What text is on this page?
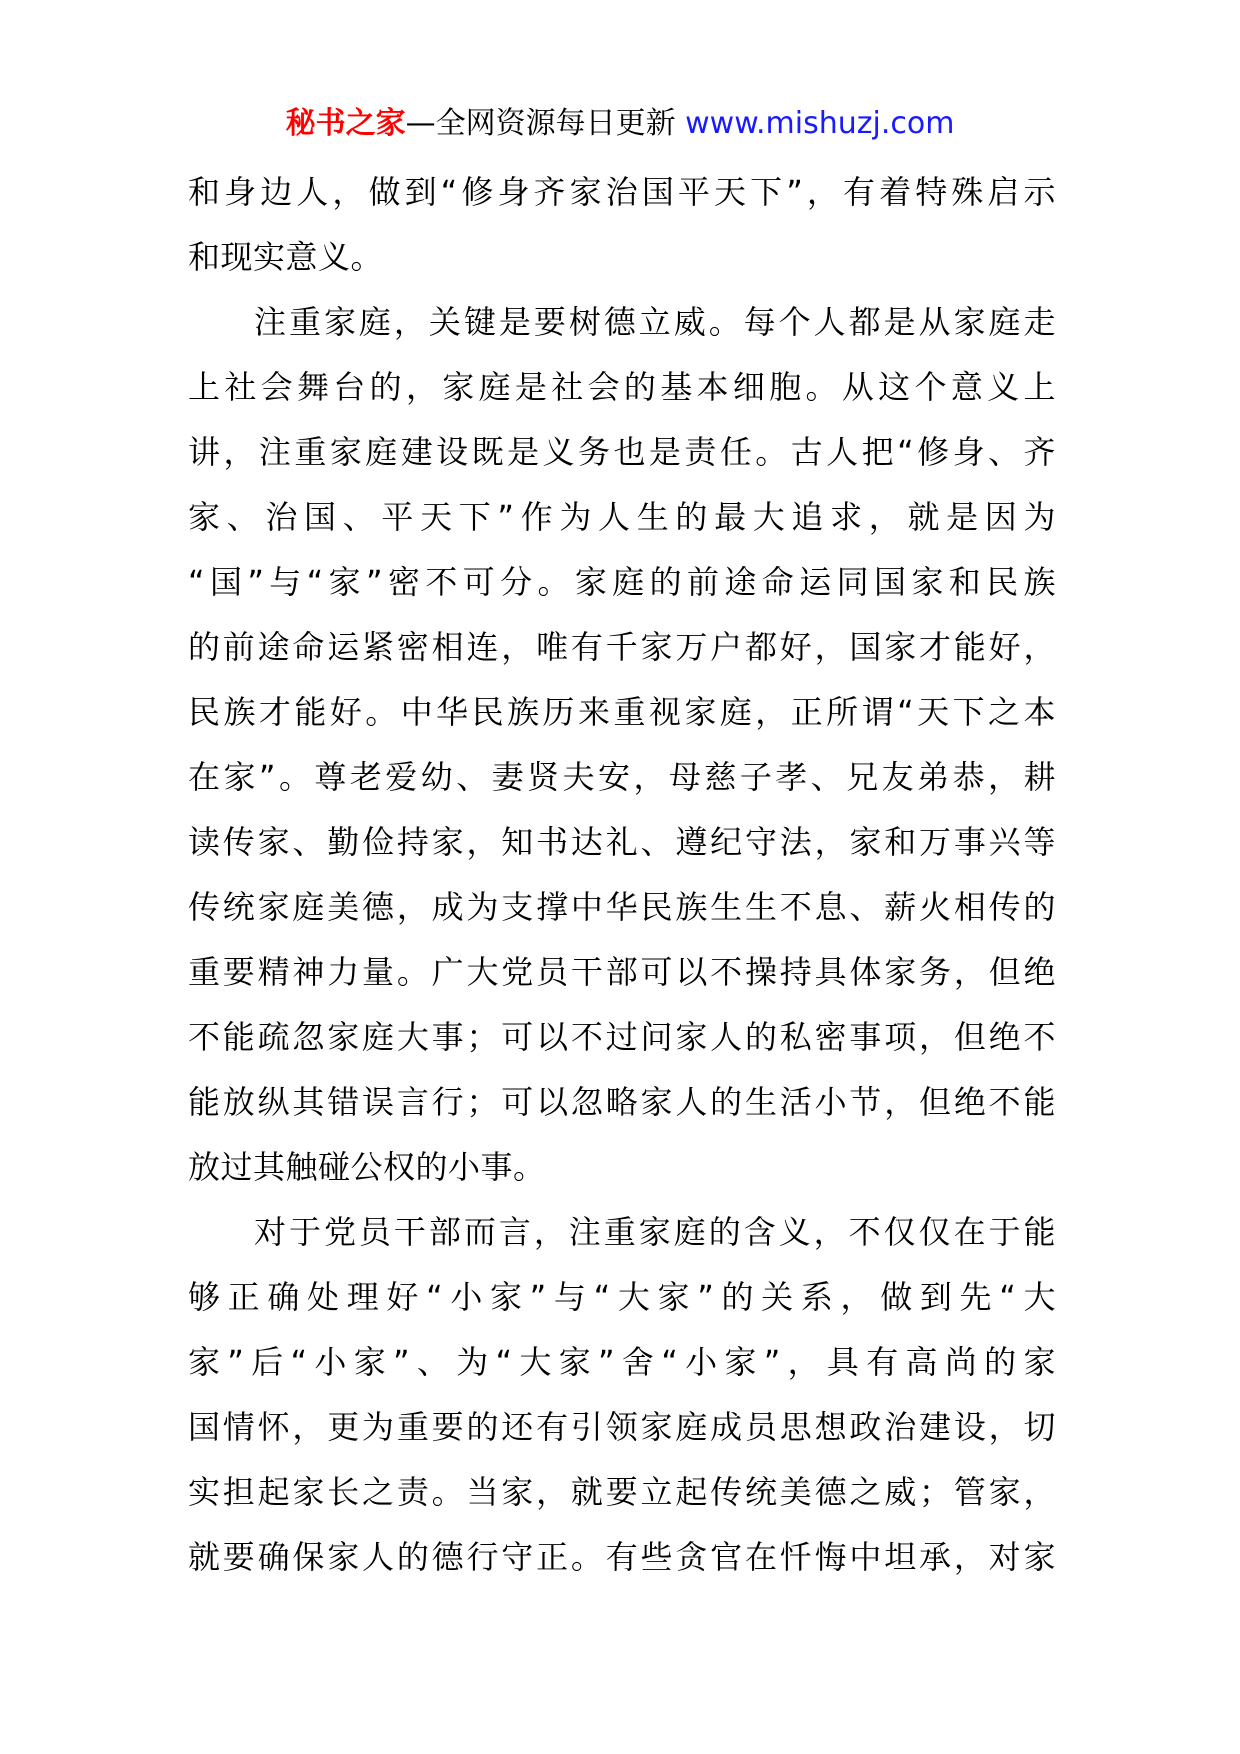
秘书之家—全网资源每日更新 www.mishuzj.com
和身边人，做到“修身齐家治国平天下”，有着特殊启示
和现实意义。
注重家庭，关键是要树德立威。每个人都是从家庭走
上社会舞台的，家庭是社会的基本细胞。从这个意义上
讲，注重家庭建设既是义务也是责任。古人把“修身、齐
家、治国、平天下”作为人生的最大追求，就是因为
“国”与“家”密不可分。家庭的前途命运同国家和民族
的前途命运紧密相连，唯有千家万户都好，国家才能好，
民族才能好。中华民族历来重视家庭，正所谓“天下之本
在家”。尊老爱幼、妻贤夫安，母慈子孝、兄友弟恭，耕
读传家、勤俭持家，知书达礼、遵纪守法，家和万事兴等
传统家庭美德，成为支撑中华民族生生不息、薪火相传的
重要精神力量。广大党员干部可以不操持具体家务，但绝
不能疏忽家庭大事；可以不过问家人的私密事项，但绝不
能放纵其错误言行；可以忽略家人的生活小节，但绝不能
放过其触碰公权的小事。
对于党员干部而言，注重家庭的含义，不仅仅在于能
够正确处理好“小家”与“大家”的关系，做到先“大
家”后“小家”、为“大家”舍“小家”，具有高尚的家
国情怀，更为重要的还有引领家庭成员思想政治建设，切
实担起家长之责。当家，就要立起传统美德之威；管家，
就要确保家人的德行守正。有些贪官在忏悔中坦承，对家
